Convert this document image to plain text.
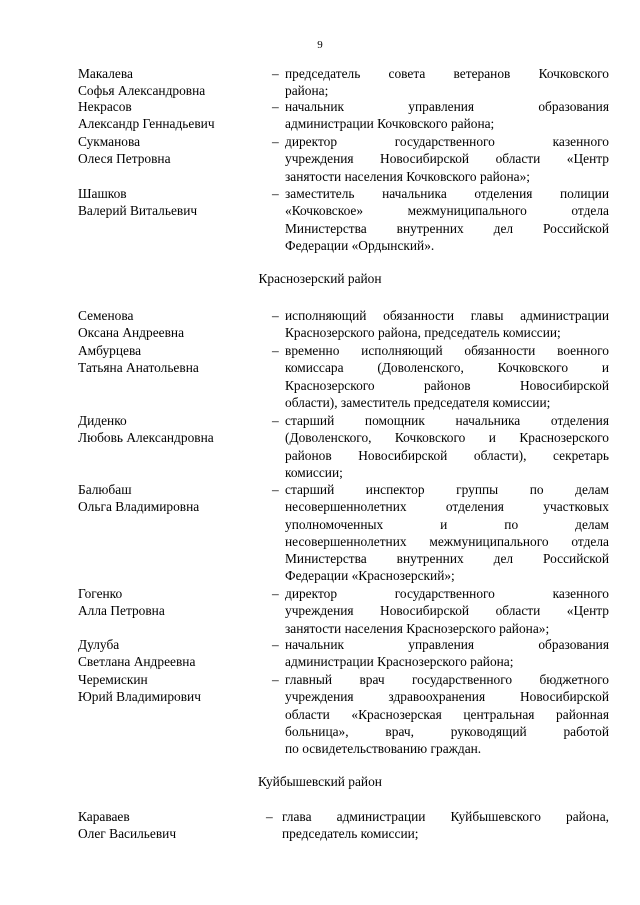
9
Макалева
Софья Александровна
– председатель совета ветеранов Кочковского
района;
Некрасов
Александр Геннадьевич
– начальник управления образования
администрации Кочковского района;
Сукманова
Олеся Петровна
– директор государственного казенного
учреждения Новосибирской области «Центр
занятости населения Кочковского района»;
Шашков
Валерий Витальевич
– заместитель начальника отделения полиции
«Кочковское» межмуниципального отдела
Министерства внутренних дел Российской
Федерации «Ордынский».
Краснозерский район
Семенова
Оксана Андреевна
– исполняющий обязанности главы администрации
Краснозерского района, председатель комиссии;
Амбурцева
Татьяна Анатольевна
– временно исполняющий обязанности военного
комиссара (Доволенского, Кочковского и
Краснозерского районов Новосибирской
области), заместитель председателя комиссии;
Диденко
Любовь Александровна
– старший помощник начальника отделения
(Доволенского, Кочковского и Краснозерского
районов Новосибирской области), секретарь
комиссии;
Балюбаш
Ольга Владимировна
– старший инспектор группы по делам
несовершеннолетних отделения участковых
уполномоченных и по делам
несовершеннолетних межмуниципального отдела
Министерства внутренних дел Российской
Федерации «Краснозерский»;
Гогенко
Алла Петровна
– директор государственного казенного
учреждения Новосибирской области «Центр
занятости населения Краснозерского района»;
Дулуба
Светлана Андреевна
– начальник управления образования
администрации Краснозерского района;
Черемискин
Юрий Владимирович
– главный врач государственного бюджетного
учреждения здравоохранения Новосибирской
области «Краснозерская центральная районная
больница», врач, руководящий работой
по освидетельствованию граждан.
Куйбышевский район
Караваев
Олег Васильевич
– глава администрации Куйбышевского района,
председатель комиссии;
